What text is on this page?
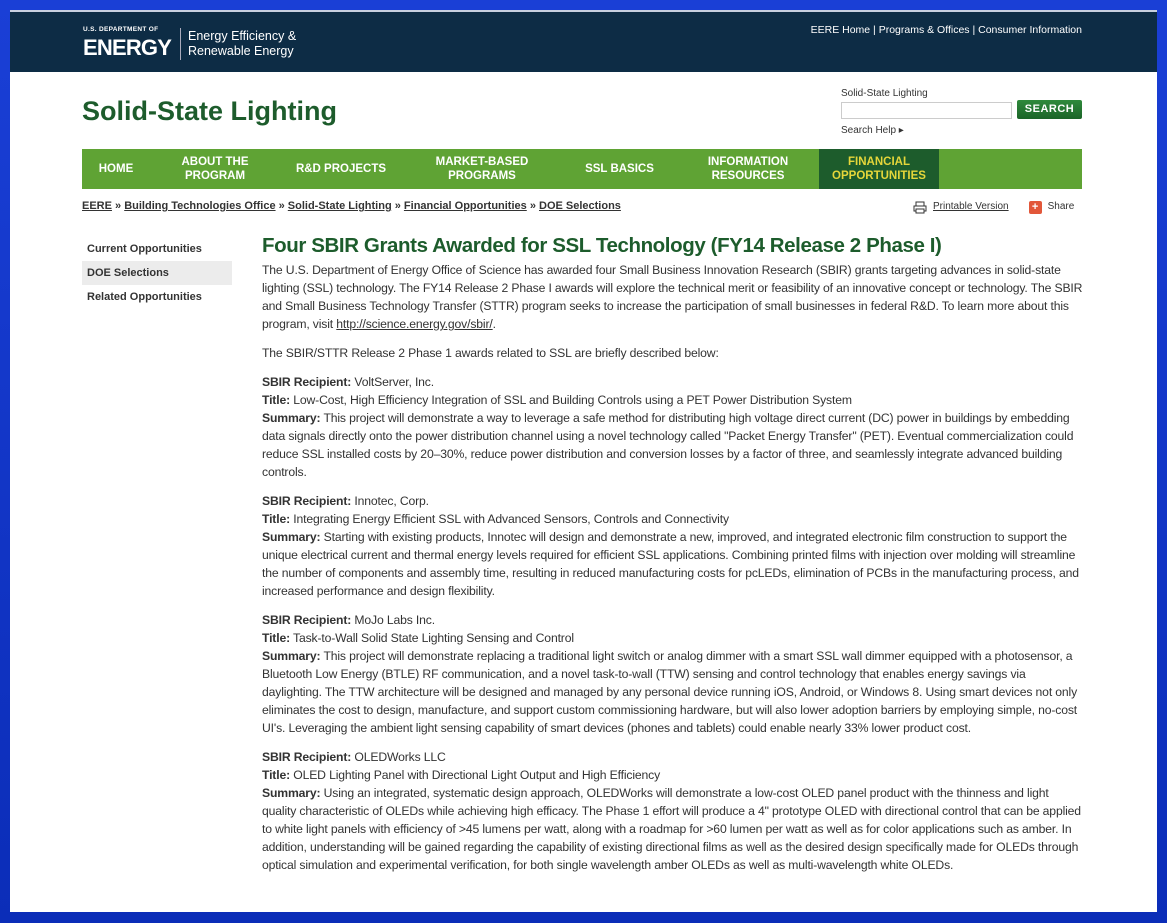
U.S. DEPARTMENT OF
ENERGY Energy Efficiency &
Renewable Energy
EERE Home | Programs & Offices | Consumer Information
Solid-State Lighting
Solid-State Lighting
SEARCH
Search Help ▸
HOME
ABOUT THE
PROGRAM
R&D PROJECTS
MARKET-BASED
PROGRAMS
SSL BASICS
INFORMATION
RESOURCES
FINANCIAL
OPPORTUNITIES
EERE » Building Technologies Office » Solid-State Lighting » Financial Opportunities » DOE Selections	Printable Version + Share
Current Opportunities
DOE Selections
Related Opportunities
Four SBIR Grants Awarded for SSL Technology (FY14 Release 2 Phase I)

The U.S. Department of Energy Office of Science has awarded four Small Business Innovation Research (SBIR) grants targeting advances in solid-state lighting (SSL) technology. The FY14 Release 2 Phase I awards will explore the technical merit or feasibility of an innovative concept or technology. The SBIR and Small Business Technology Transfer (STTR) program seeks to increase the participation of small businesses in federal R&D. To learn more about this program, visit http://science.energy.gov/sbir/.

The SBIR/STTR Release 2 Phase 1 awards related to SSL are briefly described below:

SBIR Recipient: VoltServer, Inc.
Title: Low-Cost, High Efficiency Integration of SSL and Building Controls using a PET Power Distribution System
Summary: This project will demonstrate a way to leverage a safe method for distributing high voltage direct current (DC) power in buildings by embedding data signals directly onto the power distribution channel using a novel technology called "Packet Energy Transfer" (PET). Eventual commercialization could reduce SSL installed costs by 20–30%, reduce power distribution and conversion losses by a factor of three, and seamlessly integrate advanced building controls.

SBIR Recipient: Innotec, Corp.
Title: Integrating Energy Efficient SSL with Advanced Sensors, Controls and Connectivity
Summary: Starting with existing products, Innotec will design and demonstrate a new, improved, and integrated electronic film construction to support the unique electrical current and thermal energy levels required for efficient SSL applications. Combining printed films with injection over molding will streamline the number of components and assembly time, resulting in reduced manufacturing costs for pcLEDs, elimination of PCBs in the manufacturing process, and increased performance and design flexibility.

SBIR Recipient: MoJo Labs Inc.
Title: Task-to-Wall Solid State Lighting Sensing and Control
Summary: This project will demonstrate replacing a traditional light switch or analog dimmer with a smart SSL wall dimmer equipped with a photosensor, a Bluetooth Low Energy (BTLE) RF communication, and a novel task-to-wall (TTW) sensing and control technology that enables energy savings via daylighting. The TTW architecture will be designed and managed by any personal device running iOS, Android, or Windows 8. Using smart devices not only eliminates the cost to design, manufacture, and support custom commissioning hardware, but will also lower adoption barriers by employing simple, no-cost UI's. Leveraging the ambient light sensing capability of smart devices (phones and tablets) could enable nearly 33% lower product cost.

SBIR Recipient: OLEDWorks LLC
Title: OLED Lighting Panel with Directional Light Output and High Efficiency
Summary: Using an integrated, systematic design approach, OLEDWorks will demonstrate a low-cost OLED panel product with the thinness and light quality characteristic of OLEDs while achieving high efficacy. The Phase 1 effort will produce a 4" prototype OLED with directional control that can be applied to white light panels with efficiency of >45 lumens per watt, along with a roadmap for >60 lumen per watt as well as for color applications such as amber. In addition, understanding will be gained regarding the capability of existing directional films as well as the desired design specifically made for OLEDs through optical simulation and experimental verification, for both single wavelength amber OLEDs as well as multi-wavelength white OLEDs.
